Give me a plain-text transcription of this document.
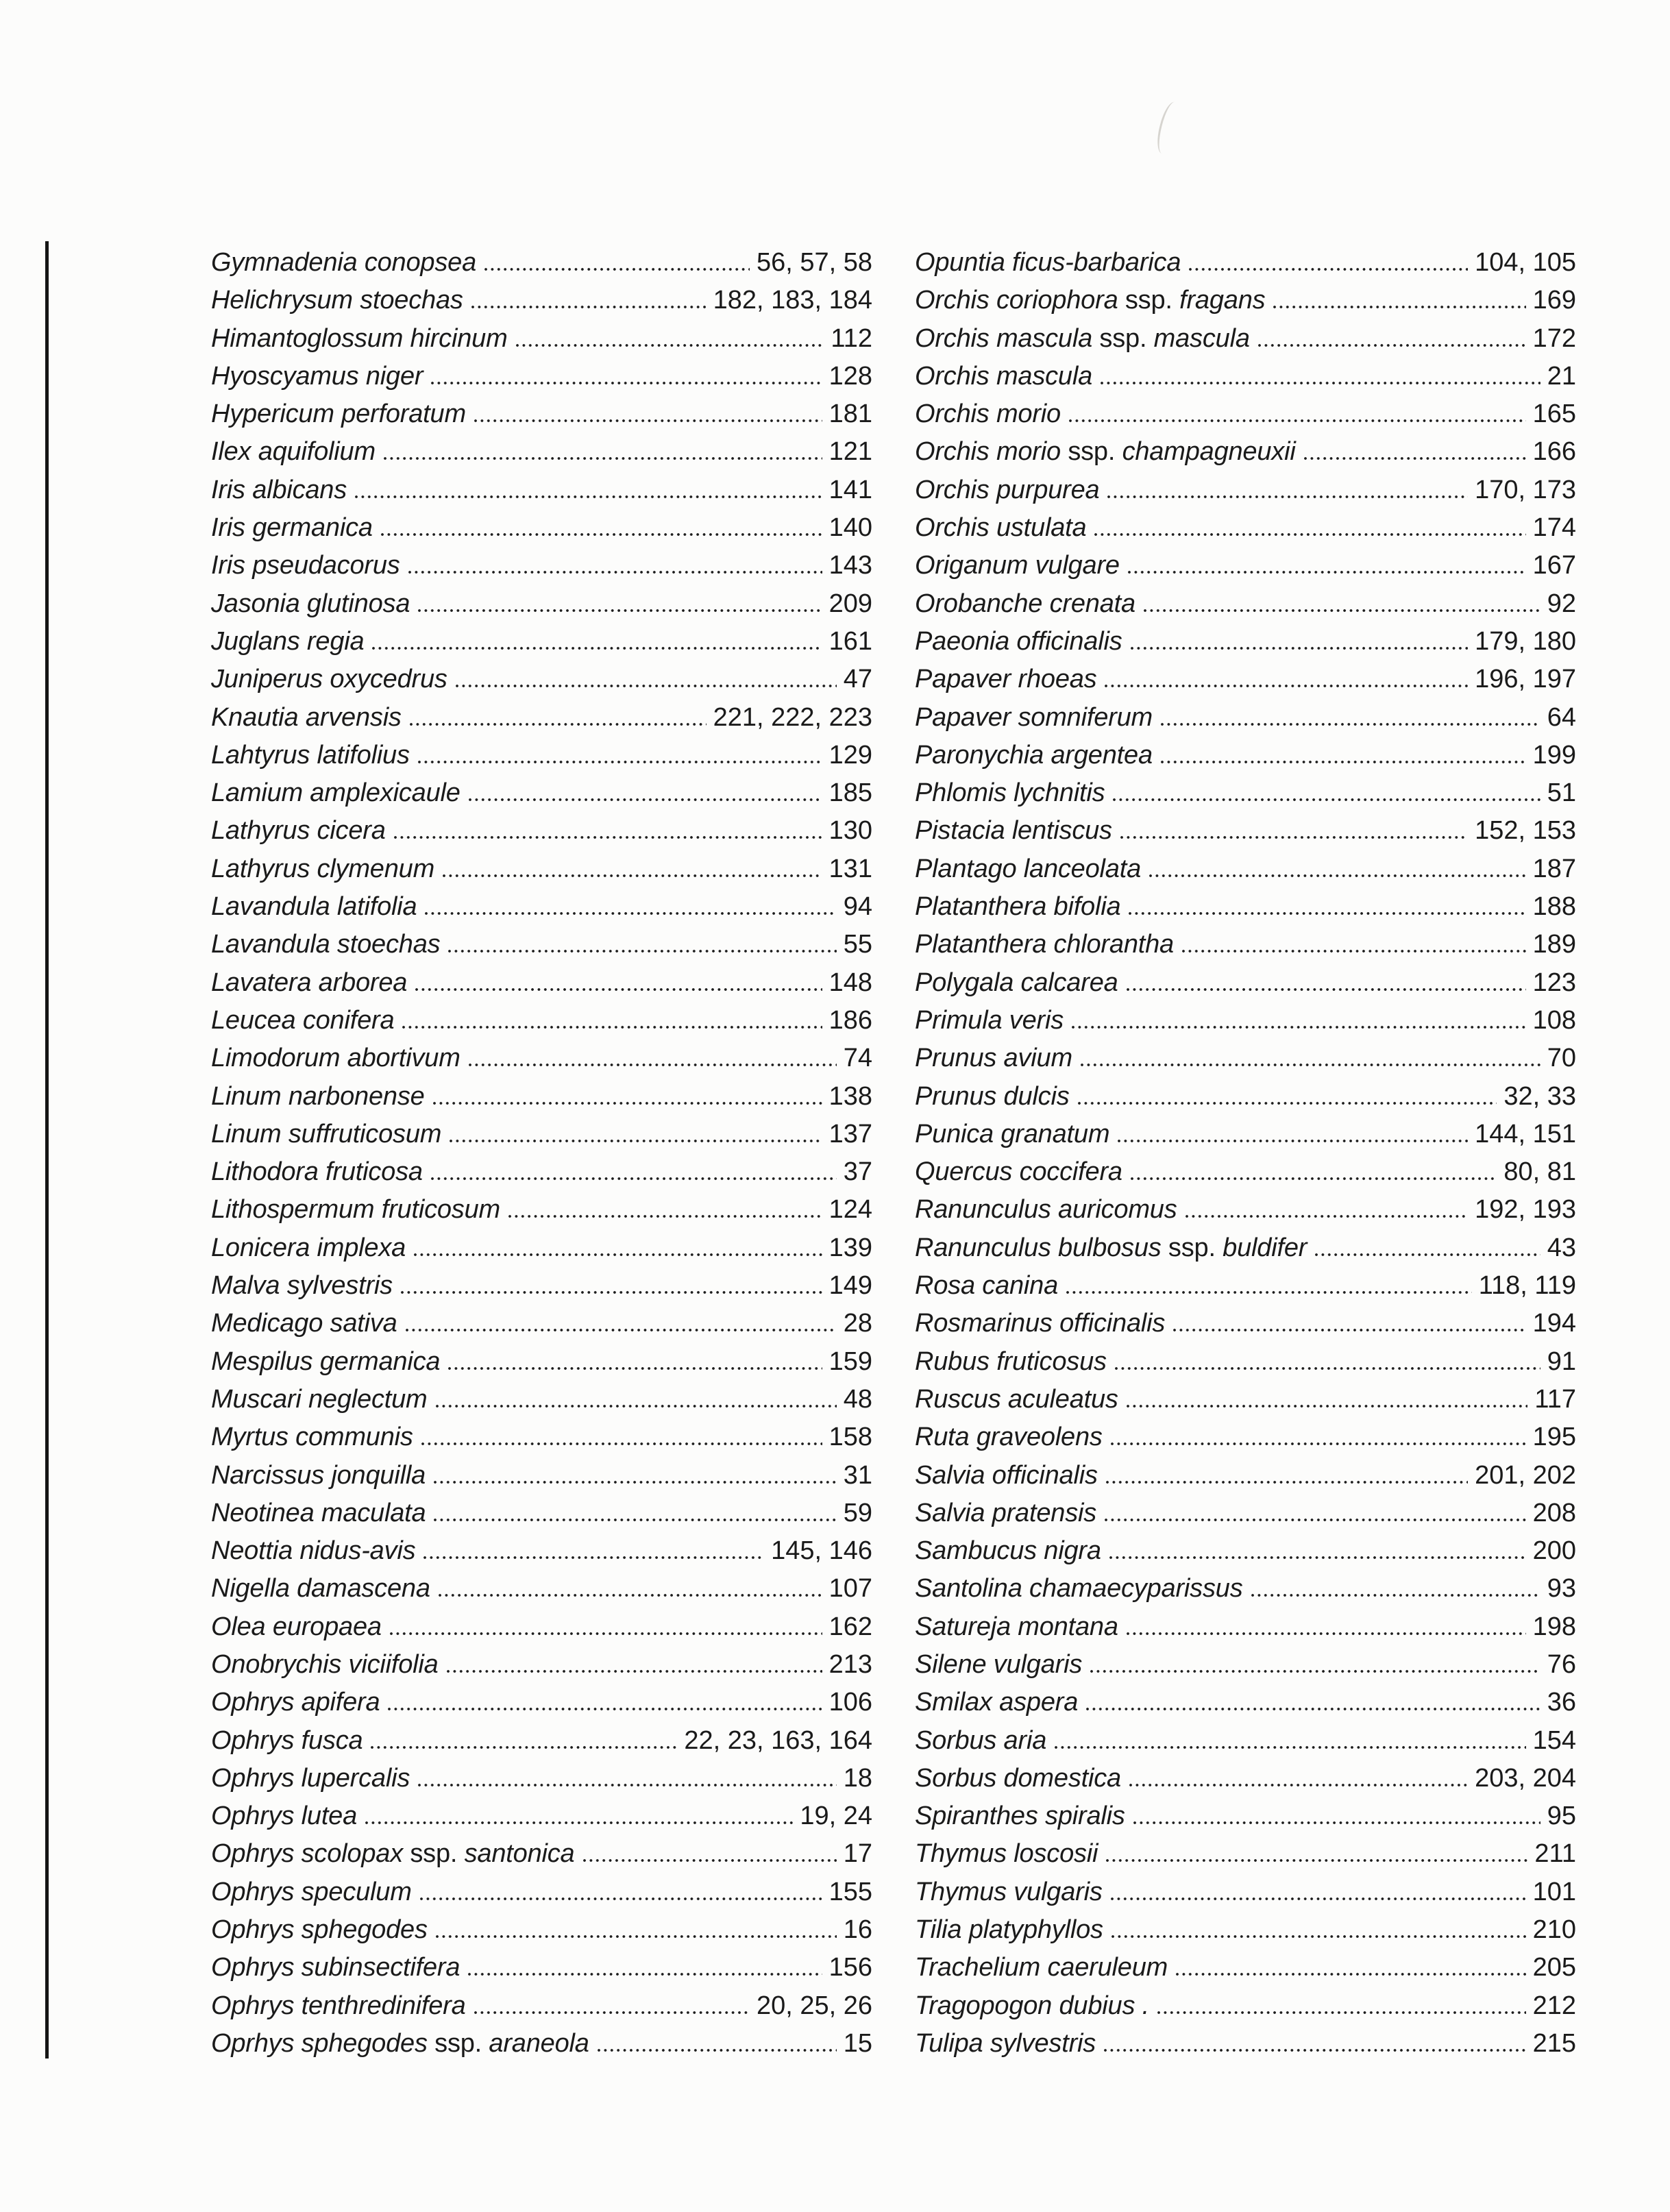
Gymnadenia conopsea	56, 57, 58
Helichrysum stoechas	182, 183, 184
Himantoglossum hircinum	112
Hyoscyamus niger	128
Hypericum perforatum	181
Ilex aquifolium	121
Iris albicans	141
Iris germanica	140
Iris pseudacorus	143
Jasonia glutinosa	209
Juglans regia	161
Juniperus oxycedrus	47
Knautia arvensis	221, 222, 223
Lahtyrus latifolius	129
Lamium amplexicaule	185
Lathyrus cicera	130
Lathyrus clymenum	131
Lavandula latifolia	94
Lavandula stoechas	55
Lavatera arborea	148
Leucea conifera	186
Limodorum abortivum	74
Linum narbonense	138
Linum suffruticosum	137
Lithodora fruticosa	37
Lithospermum fruticosum	124
Lonicera implexa	139
Malva sylvestris	149
Medicago sativa	28
Mespilus germanica	159
Muscari neglectum	48
Myrtus communis	158
Narcissus jonquilla	31
Neotinea maculata	59
Neottia nidus-avis	145, 146
Nigella damascena	107
Olea europaea	162
Onobrychis viciifolia	213
Ophrys apifera	106
Ophrys fusca	22, 23, 163, 164
Ophrys lupercalis	18
Ophrys lutea	19, 24
Ophrys scolopax ssp. santonica	17
Ophrys speculum	155
Ophrys sphegodes	16
Ophrys subinsectifera	156
Ophrys tenthredinifera	20, 25, 26
Oprhys sphegodes ssp. araneola	15
Opuntia ficus-barbarica	104, 105
Orchis coriophora ssp. fragans	169
Orchis mascula ssp. mascula	172
Orchis mascula	21
Orchis morio	165
Orchis morio ssp. champagneuxii	166
Orchis purpurea	170, 173
Orchis ustulata	174
Origanum vulgare	167
Orobanche crenata	92
Paeonia officinalis	179, 180
Papaver rhoeas	196, 197
Papaver somniferum	64
Paronychia argentea	199
Phlomis lychnitis	51
Pistacia lentiscus	152, 153
Plantago lanceolata	187
Platanthera bifolia	188
Platanthera chlorantha	189
Polygala calcarea	123
Primula veris	108
Prunus avium	70
Prunus dulcis	32, 33
Punica granatum	144, 151
Quercus coccifera	80, 81
Ranunculus auricomus	192, 193
Ranunculus bulbosus ssp. buldifer	43
Rosa canina	118, 119
Rosmarinus officinalis	194
Rubus fruticosus	91
Ruscus aculeatus	117
Ruta graveolens	195
Salvia officinalis	201, 202
Salvia pratensis	208
Sambucus nigra	200
Santolina chamaecyparissus	93
Satureja montana	198
Silene vulgaris	76
Smilax aspera	36
Sorbus aria	154
Sorbus domestica	203, 204
Spiranthes spiralis	95
Thymus loscosii	211
Thymus vulgaris	101
Tilia platyphyllos	210
Trachelium caeruleum	205
Tragopogon dubius .	212
Tulipa sylvestris	215
